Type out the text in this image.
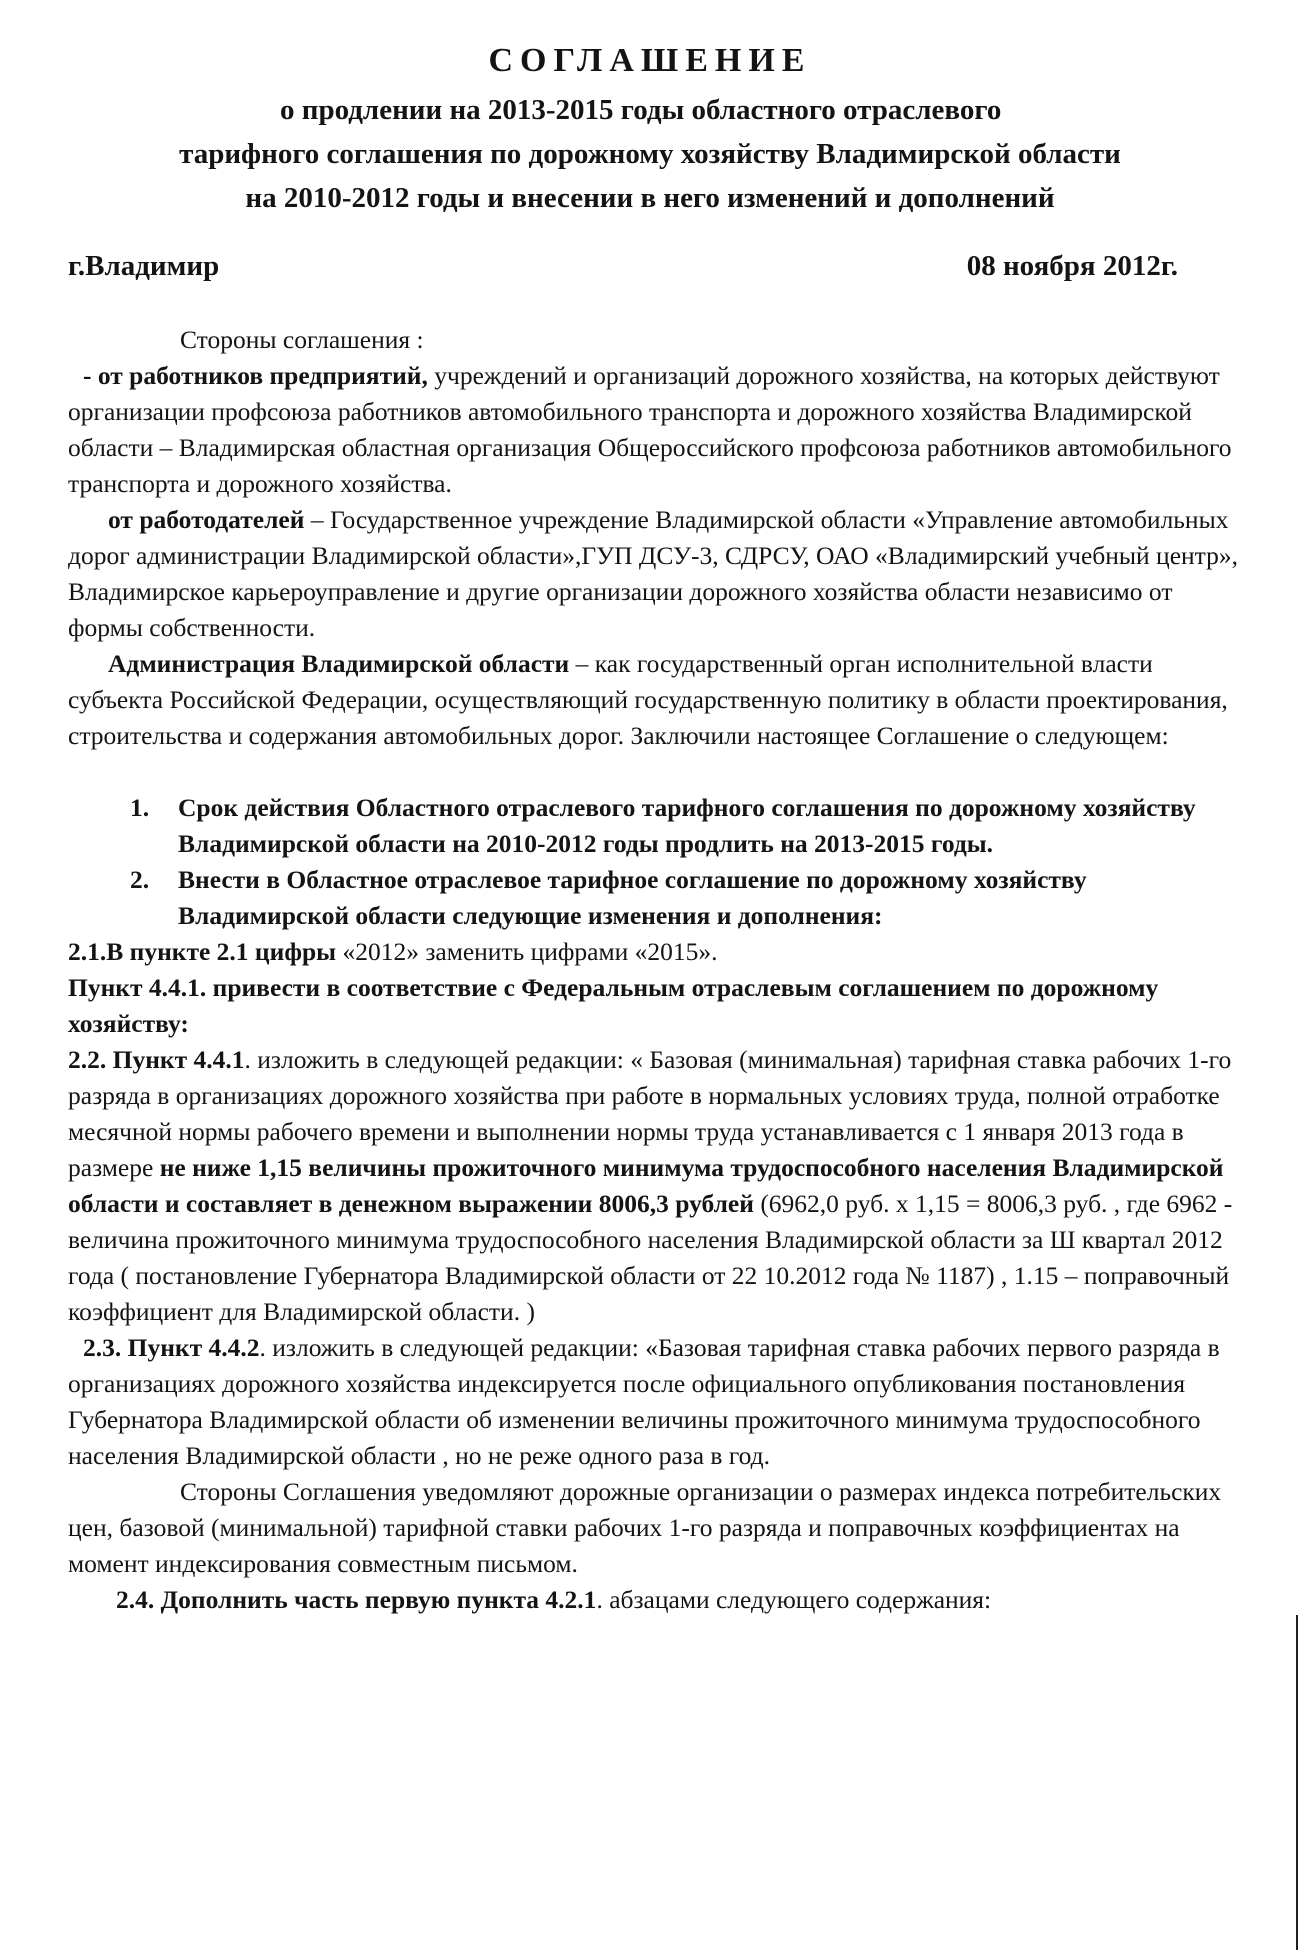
СОГЛАШЕНИЕ
о продлении на 2013-2015 годы областного отраслевого
тарифного соглашения по дорожному хозяйству Владимирской области
на 2010-2012 годы и внесении в него изменений и дополнений
г.Владимир	08 ноября 2012г.

Стороны соглашения :

- от работников предприятий, учреждений и организаций дорожного хозяйства, на которых действуют организации профсоюза работников автомобильного транспорта и дорожного хозяйства Владимирской области – Владимирская областная организация Общероссийского профсоюза работников автомобильного транспорта и дорожного хозяйства.

от работодателей – Государственное учреждение Владимирской области «Управление автомобильных дорог администрации Владимирской области»,ГУП ДСУ-3, СДРСУ, ОАО «Владимирский учебный центр», Владимирское карьероуправление и другие организации дорожного хозяйства области независимо от формы собственности.

Администрация Владимирской области – как государственный орган исполнительной власти субъекта Российской Федерации, осуществляющий государственную политику в области проектирования, строительства и содержания автомобильных дорог. Заключили настоящее Соглашение о следующем:

1.	Срок действия Областного отраслевого тарифного соглашения по дорожному хозяйству Владимирской области на 2010-2012 годы продлить на 2013-2015 годы.
2.	Внести в Областное отраслевое тарифное соглашение по дорожному хозяйству Владимирской области следующие изменения и дополнения:

2.1.В пункте 2.1 цифры «2012» заменить цифрами «2015».

Пункт 4.4.1. привести в соответствие с Федеральным отраслевым соглашением по дорожному хозяйству:

2.2. Пункт 4.4.1. изложить в следующей редакции: « Базовая (минимальная) тарифная ставка рабочих 1-го разряда в организациях дорожного хозяйства при работе в нормальных условиях труда, полной отработке месячной нормы рабочего времени и выполнении нормы труда устанавливается с 1 января 2013 года в размере не ниже 1,15 величины прожиточного минимума трудоспособного населения Владимирской области и составляет в денежном выражении 8006,3 рублей (6962,0 руб. х 1,15 = 8006,3 руб. , где 6962 - величина прожиточного минимума трудоспособного населения Владимирской области за Ш квартал 2012 года ( постановление Губернатора Владимирской области от 22 10.2012 года № 1187) , 1.15 – поправочный коэффициент для Владимирской области. )

2.3. Пункт 4.4.2. изложить в следующей редакции: «Базовая тарифная ставка рабочих первого разряда в организациях дорожного хозяйства индексируется после официального опубликования постановления Губернатора Владимирской области об изменении величины прожиточного минимума трудоспособного населения Владимирской области , но не реже одного раза в год.

Стороны Соглашения уведомляют дорожные организации о размерах индекса потребительских цен, базовой (минимальной) тарифной ставки рабочих 1-го разряда и поправочных коэффициентах на момент индексирования совместным письмом.

2.4. Дополнить часть первую пункта 4.2.1. абзацами следующего содержания:
